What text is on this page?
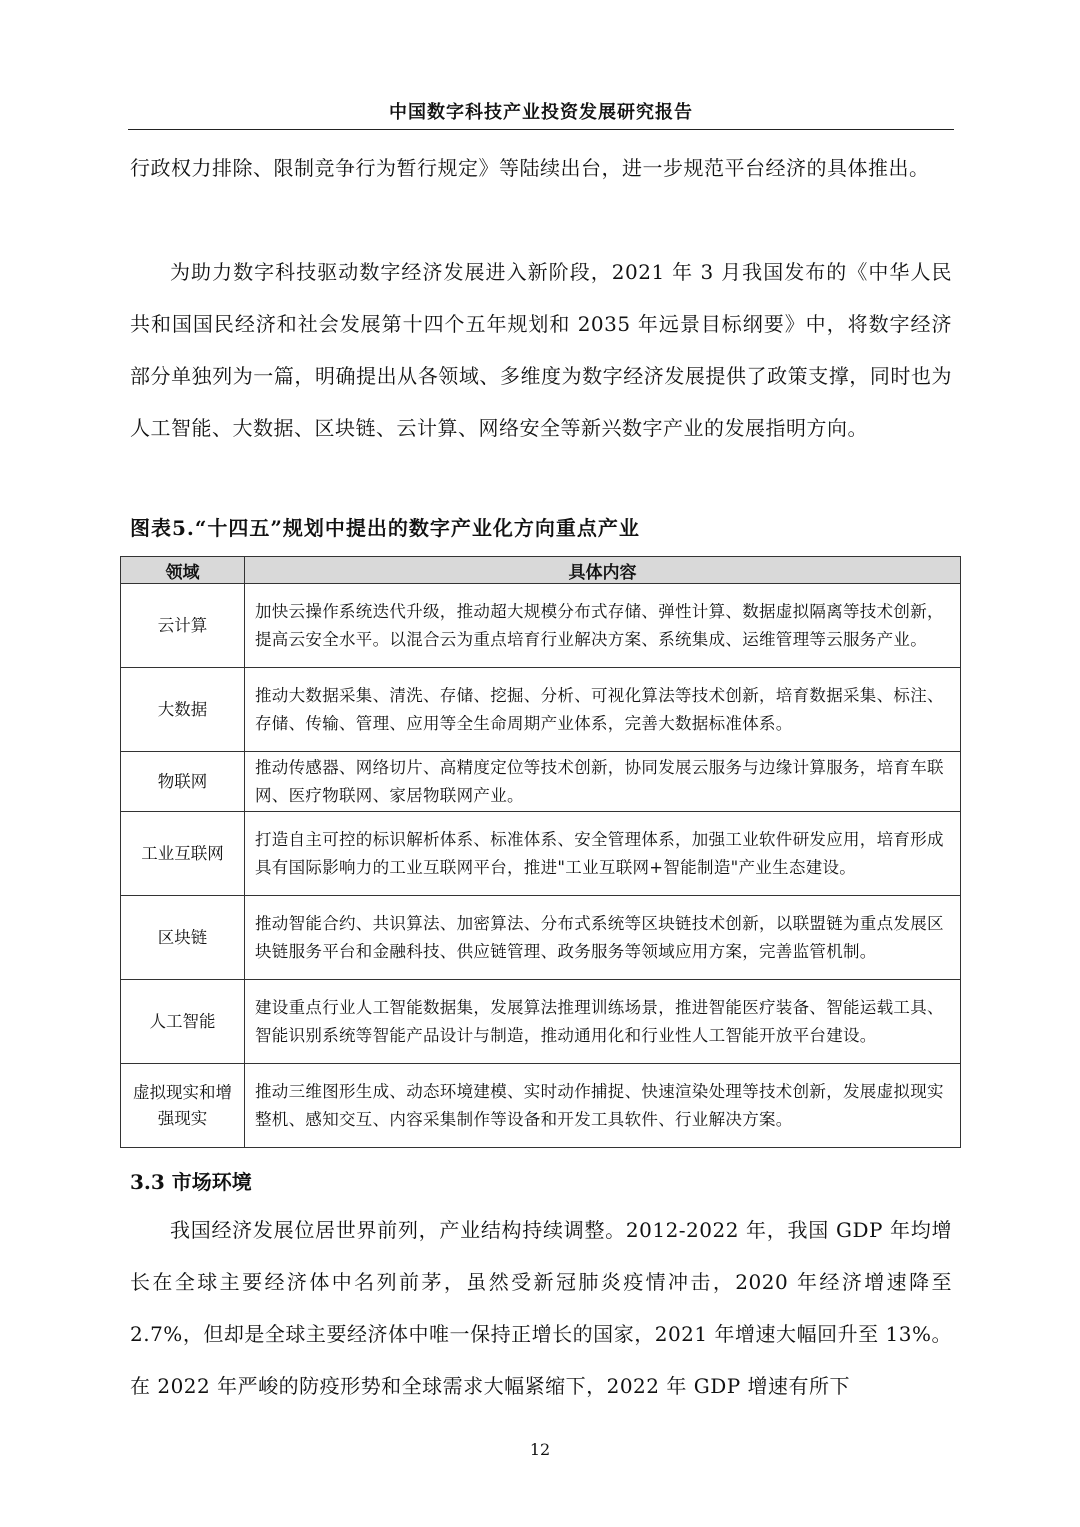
中国数字科技产业投资发展研究报告

行政权力排除、限制竞争行为暂行规定》等陆续出台，进一步规范平台经济的具体推出。

为助力数字科技驱动数字经济发展进入新阶段，2021 年 3 月我国发布的《中华人民共和国国民经济和社会发展第十四个五年规划和 2035 年远景目标纲要》中，将数字经济部分单独列为一篇，明确提出从各领域、多维度为数字经济发展提供了政策支撑，同时也为人工智能、大数据、区块链、云计算、网络安全等新兴数字产业的发展指明方向。

图表5.“十四五”规划中提出的数字产业化方向重点产业
领域	具体内容
云计算	加快云操作系统迭代升级，推动超大规模分布式存储、弹性计算、数据虚拟隔离等技术创新，提高云安全水平。以混合云为重点培育行业解决方案、系统集成、运维管理等云服务产业。
大数据	推动大数据采集、清洗、存储、挖掘、分析、可视化算法等技术创新，培育数据采集、标注、存储、传输、管理、应用等全生命周期产业体系，完善大数据标准体系。
物联网	推动传感器、网络切片、高精度定位等技术创新，协同发展云服务与边缘计算服务，培育车联网、医疗物联网、家居物联网产业。
工业互联网	打造自主可控的标识解析体系、标准体系、安全管理体系，加强工业软件研发应用，培育形成具有国际影响力的工业互联网平台，推进"工业互联网+智能制造"产业生态建设。
区块链	推动智能合约、共识算法、加密算法、分布式系统等区块链技术创新，以联盟链为重点发展区块链服务平台和金融科技、供应链管理、政务服务等领域应用方案，完善监管机制。
人工智能	建设重点行业人工智能数据集，发展算法推理训练场景，推进智能医疗装备、智能运载工具、智能识别系统等智能产品设计与制造，推动通用化和行业性人工智能开放平台建设。
虚拟现实和增强现实	推动三维图形生成、动态环境建模、实时动作捕捉、快速渲染处理等技术创新，发展虚拟现实整机、感知交互、内容采集制作等设备和开发工具软件、行业解决方案。
3.3 市场环境

我国经济发展位居世界前列，产业结构持续调整。2012-2022 年，我国 GDP 年均增长在全球主要经济体中名列前茅，虽然受新冠肺炎疫情冲击，2020 年经济增速降至 2.7%，但却是全球主要经济体中唯一保持正增长的国家，2021 年增速大幅回升至 13%。在 2022 年严峻的防疫形势和全球需求大幅紧缩下，2022 年 GDP 增速有所下

12
